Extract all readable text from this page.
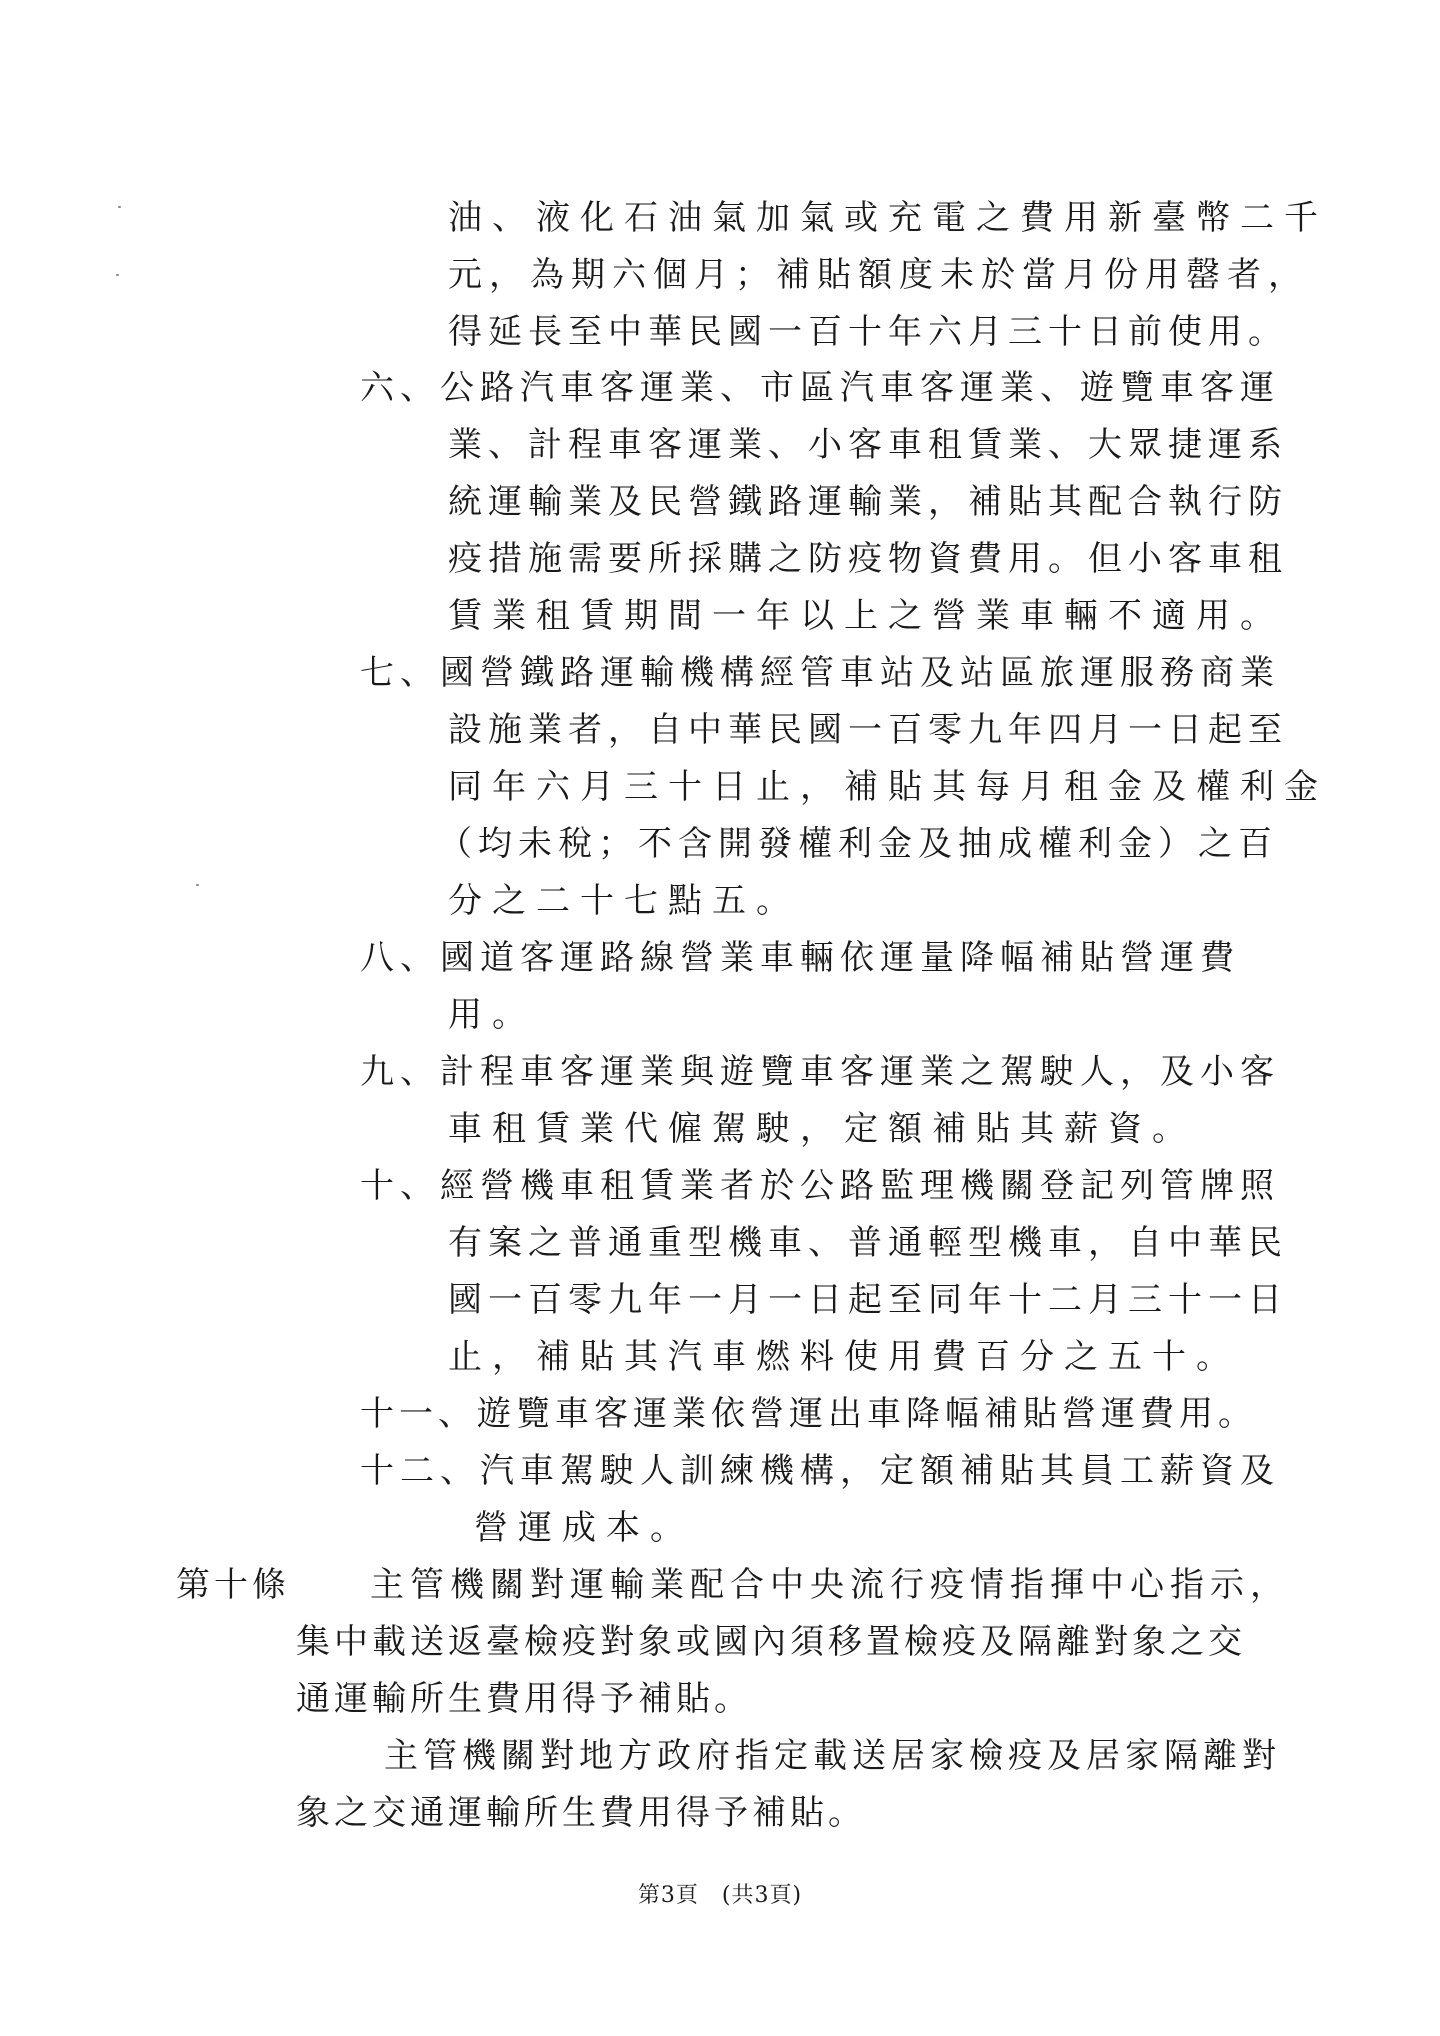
油、液化石油氣加氣或充電之費用新臺幣二千
元，為期六個月；補貼額度未於當月份用罄者，
得延長至中華民國一百十年六月三十日前使用。
六、公路汽車客運業、市區汽車客運業、遊覽車客運
業、計程車客運業、小客車租賃業、大眾捷運系
統運輸業及民營鐵路運輸業，補貼其配合執行防
疫措施需要所採購之防疫物資費用。但小客車租
賃業租賃期間一年以上之營業車輛不適用。
七、國營鐵路運輸機構經管車站及站區旅運服務商業
設施業者，自中華民國一百零九年四月一日起至
同年六月三十日止，補貼其每月租金及權利金
（均未稅；不含開發權利金及抽成權利金）之百
分之二十七點五。
八、國道客運路線營業車輛依運量降幅補貼營運費
用。
九、計程車客運業與遊覽車客運業之駕駛人，及小客
車租賃業代僱駕駛，定額補貼其薪資。
十、經營機車租賃業者於公路監理機關登記列管牌照
有案之普通重型機車、普通輕型機車，自中華民
國一百零九年一月一日起至同年十二月三十一日
止，補貼其汽車燃料使用費百分之五十。
十一、遊覽車客運業依營運出車降幅補貼營運費用。
十二、汽車駕駛人訓練機構，定額補貼其員工薪資及
營運成本。
第十條 主管機關對運輸業配合中央流行疫情指揮中心指示，
集中載送返臺檢疫對象或國內須移置檢疫及隔離對象之交
通運輸所生費用得予補貼。
主管機關對地方政府指定載送居家檢疫及居家隔離對
象之交通運輸所生費用得予補貼。
第3頁　(共3頁)
